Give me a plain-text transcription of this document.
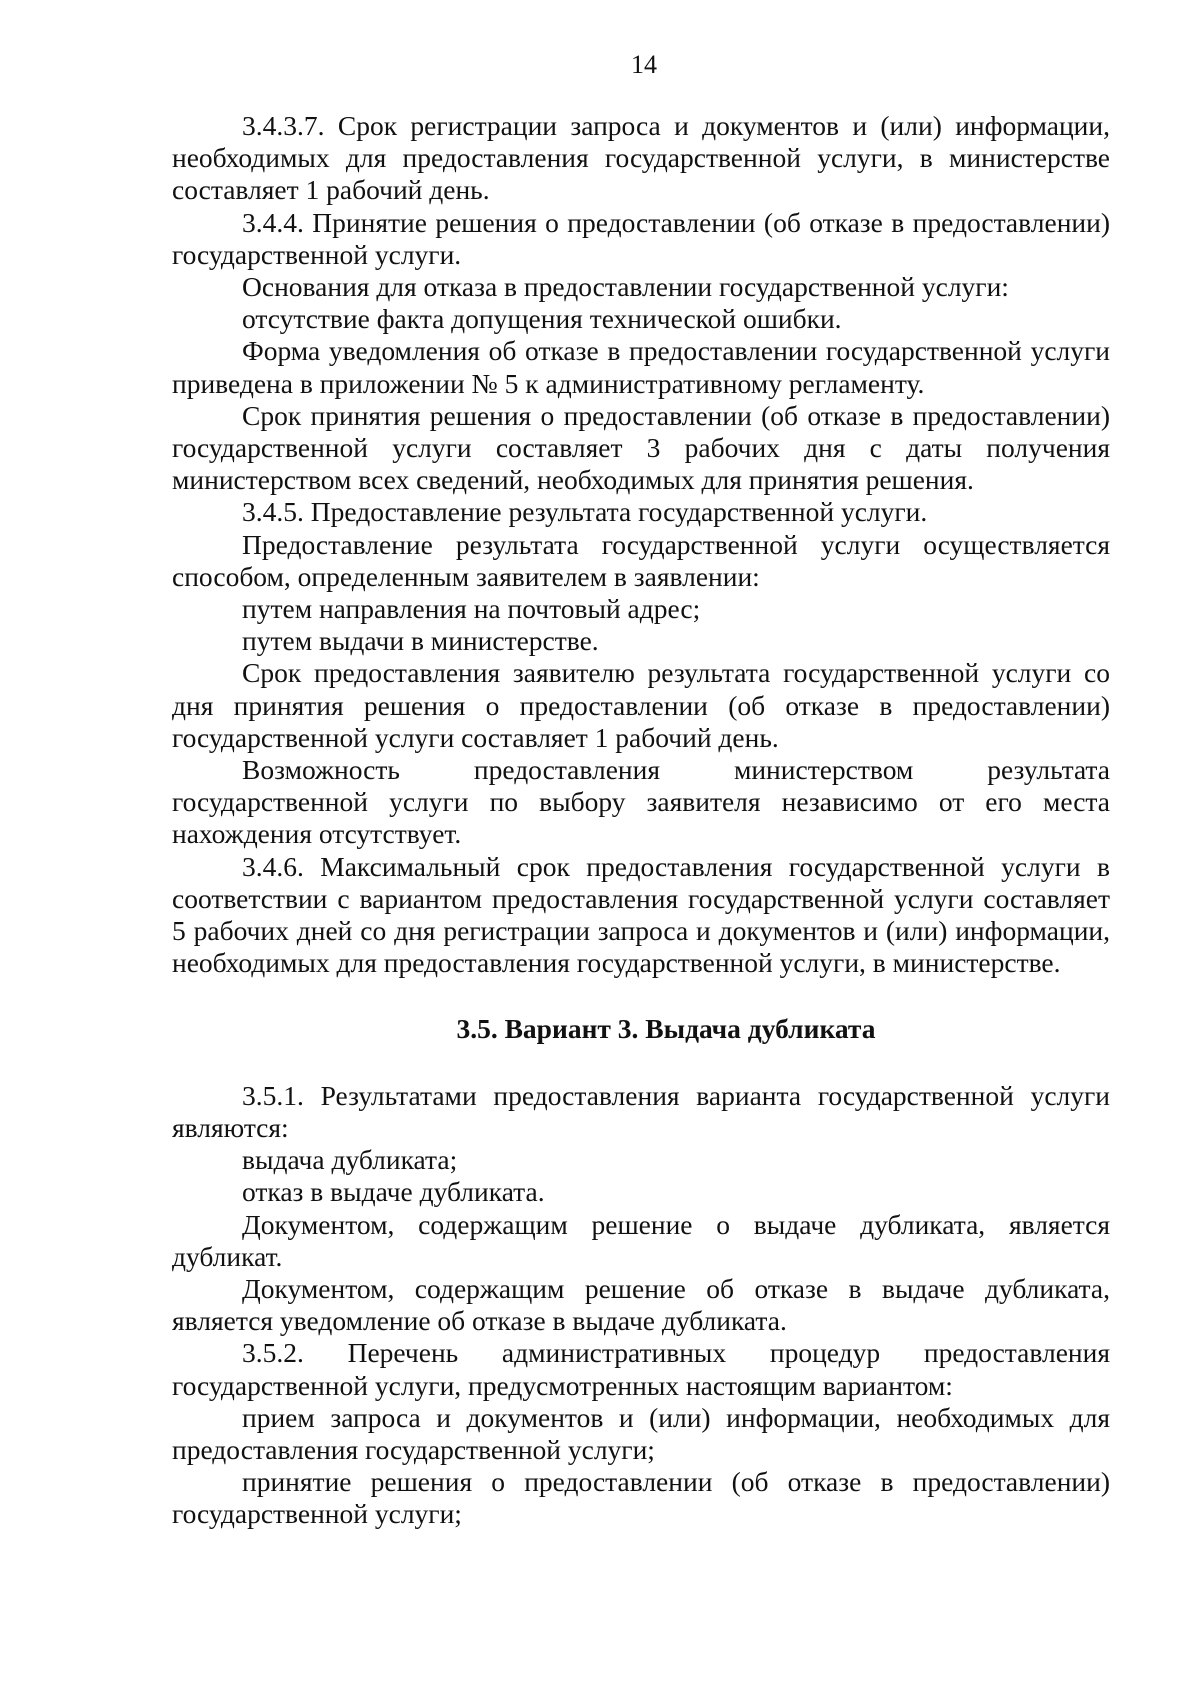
14

3.4.3.7. Срок регистрации запроса и документов и (или) информации, необходимых для предоставления государственной услуги, в министерстве составляет 1 рабочий день.

3.4.4. Принятие решения о предоставлении (об отказе в предоставлении) государственной услуги.

Основания для отказа в предоставлении государственной услуги:

отсутствие факта допущения технической ошибки.

Форма уведомления об отказе в предоставлении государственной услуги приведена в приложении № 5 к административному регламенту.

Срок принятия решения о предоставлении (об отказе в предоставлении) государственной услуги составляет 3 рабочих дня с даты получения министерством всех сведений, необходимых для принятия решения.

3.4.5. Предоставление результата государственной услуги.

Предоставление результата государственной услуги осуществляется способом, определенным заявителем в заявлении:

путем направления на почтовый адрес;

путем выдачи в министерстве.

Срок предоставления заявителю результата государственной услуги со дня принятия решения о предоставлении (об отказе в предоставлении) государственной услуги составляет 1 рабочий день.

Возможность предоставления министерством результата государственной услуги по выбору заявителя независимо от его места нахождения отсутствует.

3.4.6. Максимальный срок предоставления государственной услуги в соответствии с вариантом предоставления государственной услуги составляет 5 рабочих дней со дня регистрации запроса и документов и (или) информации, необходимых для предоставления государственной услуги, в министерстве.

3.5. Вариант 3. Выдача дубликата

3.5.1. Результатами предоставления варианта государственной услуги являются:

выдача дубликата;

отказ в выдаче дубликата.

Документом, содержащим решение о выдаче дубликата, является дубликат.

Документом, содержащим решение об отказе в выдаче дубликата, является уведомление об отказе в выдаче дубликата.

3.5.2. Перечень административных процедур предоставления государственной услуги, предусмотренных настоящим вариантом:

прием запроса и документов и (или) информации, необходимых для предоставления государственной услуги;

принятие решения о предоставлении (об отказе в предоставлении) государственной услуги;
